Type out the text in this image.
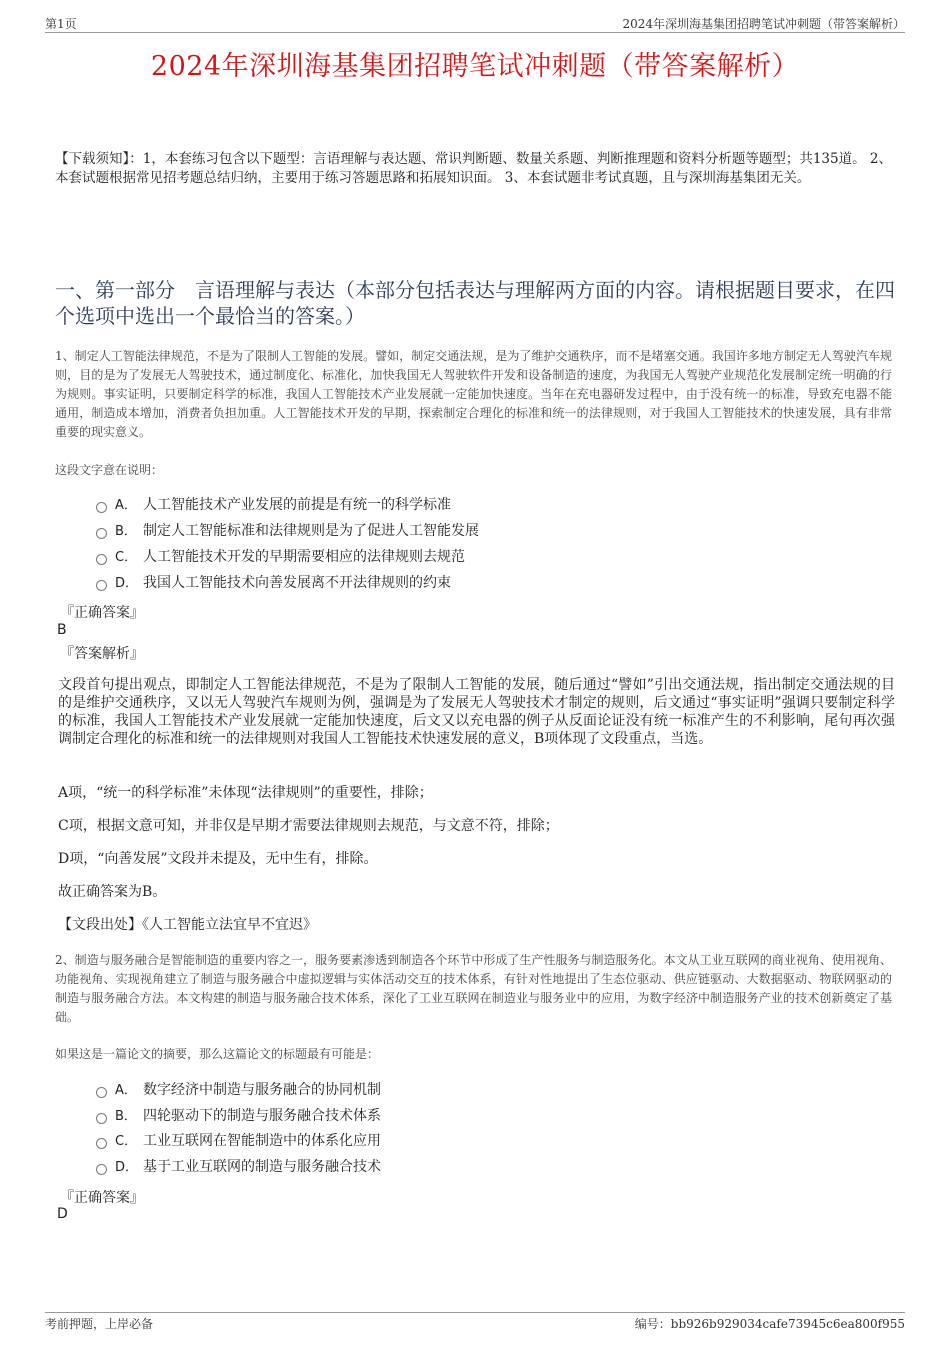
第1页	2024年深圳海基集团招聘笔试冲刺题（带答案解析）
2024年深圳海基集团招聘笔试冲刺题（带答案解析）
【下载须知】：1，本套练习包含以下题型：言语理解与表达题、常识判断题、数量关系题、判断推理题和资料分析题等题型；共135道。 2、本套试题根据常见招考题总结归纳，主要用于练习答题思路和拓展知识面。 3、本套试题非考试真题，且与深圳海基集团无关。
一、第一部分　言语理解与表达（本部分包括表达与理解两方面的内容。请根据题目要求，在四个选项中选出一个最恰当的答案。）
1、制定人工智能法律规范，不是为了限制人工智能的发展。譬如，制定交通法规，是为了维护交通秩序，而不是堵塞交通。我国许多地方制定无人驾驶汽车规则，目的是为了发展无人驾驶技术，通过制度化、标准化，加快我国无人驾驶软件开发和设备制造的速度，为我国无人驾驶产业规范化发展制定统一明确的行为规则。事实证明，只要制定科学的标准，我国人工智能技术产业发展就一定能加快速度。当年在充电器研发过程中，由于没有统一的标准，导致充电器不能通用，制造成本增加，消费者负担加重。人工智能技术开发的早期，探索制定合理化的标准和统一的法律规则，对于我国人工智能技术的快速发展，具有非常重要的现实意义。
这段文字意在说明：
A． 人工智能技术产业发展的前提是有统一的科学标准
B． 制定人工智能标准和法律规则是为了促进人工智能发展
C． 人工智能技术开发的早期需要相应的法律规则去规范
D． 我国人工智能技术向善发展离不开法律规则的约束
『正确答案』
B
『答案解析』
文段首句提出观点，即制定人工智能法律规范，不是为了限制人工智能的发展，随后通过“譬如”引出交通法规，指出制定交通法规的目的是维护交通秩序，又以无人驾驶汽车规则为例，强调是为了发展无人驾驶技术才制定的规则，后文通过“事实证明”强调只要制定科学的标准，我国人工智能技术产业发展就一定能加快速度，后文又以充电器的例子从反面论证没有统一标准产生的不利影响，尾句再次强调制定合理化的标准和统一的法律规则对我国人工智能技术快速发展的意义，B项体现了文段重点，当选。
A项，“统一的科学标准”未体现“法律规则”的重要性，排除；
C项，根据文意可知，并非仅是早期才需要法律规则去规范，与文意不符，排除；
D项，“向善发展”文段并未提及，无中生有，排除。
故正确答案为B。
【文段出处】《人工智能立法宜早不宜迟》
2、制造与服务融合是智能制造的重要内容之一，服务要素渗透到制造各个环节中形成了生产性服务与制造服务化。本文从工业互联网的商业视角、使用视角、功能视角、实现视角建立了制造与服务融合中虚拟逻辑与实体活动交互的技术体系，有针对性地提出了生态位驱动、供应链驱动、大数据驱动、物联网驱动的制造与服务融合方法。本文构建的制造与服务融合技术体系，深化了工业互联网在制造业与服务业中的应用，为数字经济中制造服务产业的技术创新奠定了基础。
如果这是一篇论文的摘要，那么这篇论文的标题最有可能是：
A． 数字经济中制造与服务融合的协同机制
B． 四轮驱动下的制造与服务融合技术体系
C． 工业互联网在智能制造中的体系化应用
D． 基于工业互联网的制造与服务融合技术
『正确答案』
D
考前押题，上岸必备	编号：bb926b929034cafe73945c6ea800f955
